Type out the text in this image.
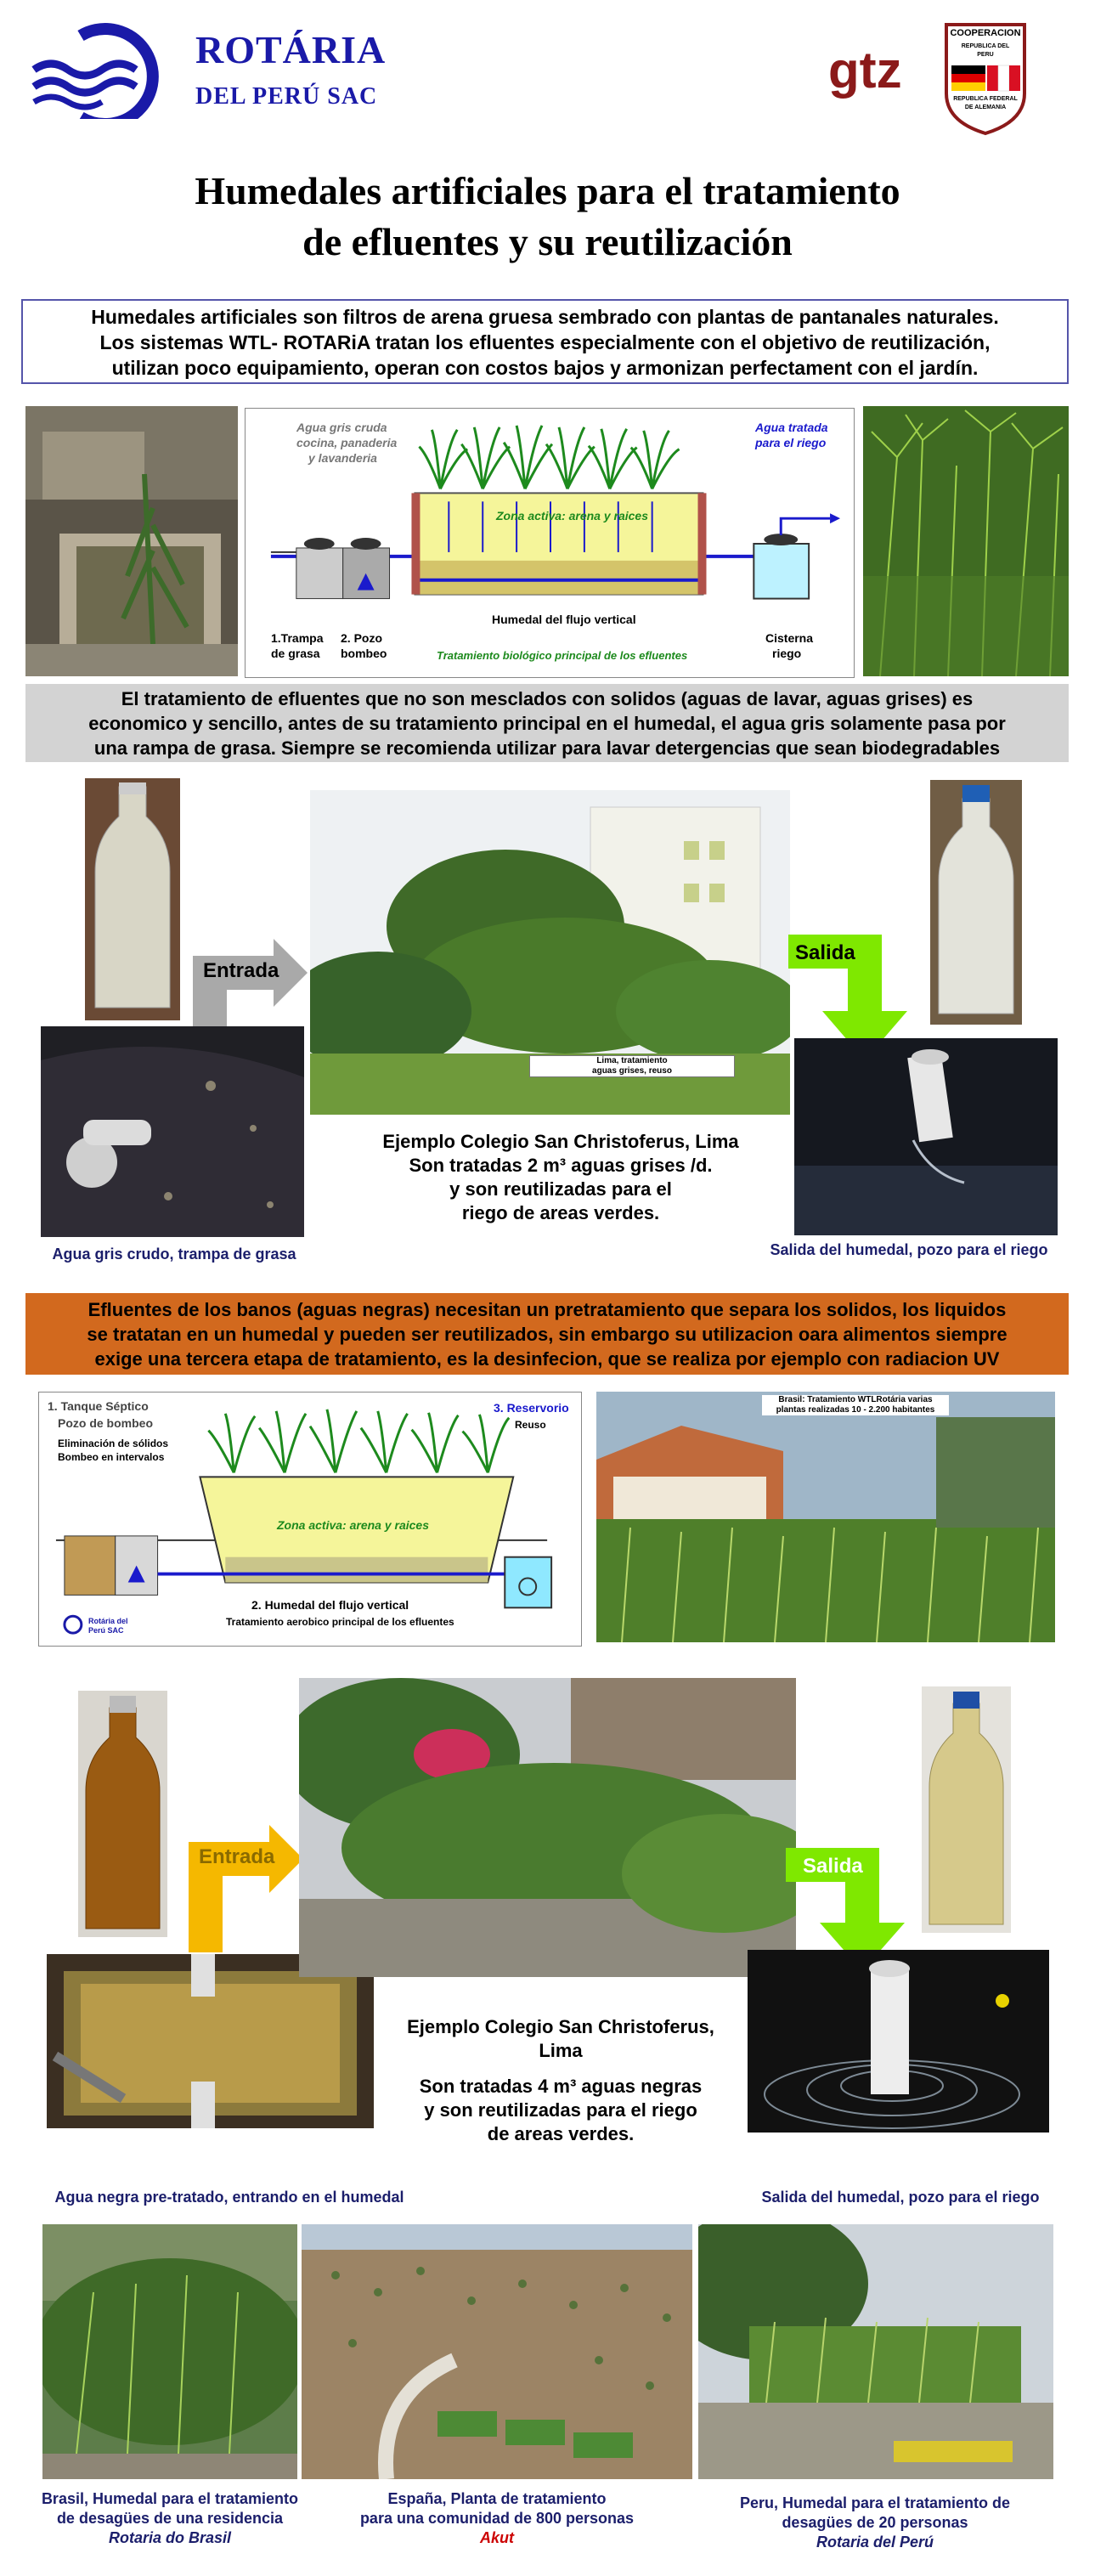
ROTÁRIA
DEL PERÚ SAC	gtz
COOPERACION
REPUBLICA DEL
PERU
REPUBLICA FEDERAL
DE ALEMANIA
Humedales artificiales para el tratamiento
de efluentes y su reutilización
Humedales artificiales son filtros de arena gruesa sembrado con plantas de pantanales naturales.
Los sistemas WTL- ROTARiA tratan los efluentes especialmente con el objetivo de reutilización,
utilizan poco equipamiento, operan con costos bajos y armonizan perfectament con el jardín.
Agua gris cruda
cocina, panaderia
y lavanderia
Agua tratada
para el riego
Zona activa: arena y raices
1.Trampa
de grasa
2. Pozo
bombeo
Humedal del flujo vertical
Tratamiento biológico principal de los efluentes
Cisterna
riego
El tratamiento de efluentes que no son mesclados con solidos (aguas de lavar, aguas grises) es
economico y sencillo, antes de su tratamiento principal en el humedal, el agua gris solamente pasa por
una rampa de grasa. Siempre se recomienda utilizar para lavar detergencias que sean biodegradables
Entrada
Lima, tratamiento
aguas grises, reuso
Ejemplo Colegio San Christoferus, Lima
Son tratadas 2 m³ aguas grises /d.
y son reutilizadas para el
riego de areas verdes.
Salida
Agua gris crudo, trampa de grasa	Salida del humedal, pozo para el riego
Efluentes de los banos (aguas negras) necesitan un pretratamiento que separa los solidos, los liquidos
se tratatan en un humedal y pueden ser reutilizados, sin embargo su utilizacion oara alimentos siempre
exige una tercera etapa de tratamiento, es la desinfecion, que se realiza por ejemplo con radiacion UV
1. Tanque Séptico
Pozo de bombeo
Eliminación de sólidos
Bombeo en intervalos
3. Reservorio
Reuso
Zona activa: arena y raices
2. Humedal del flujo vertical
Tratamiento aerobico principal de los efluentes
Rotária del
Perú SAC
Brasil: Tratamiento WTLRotária varias
plantas realizadas 10 - 2.200 habitantes
Entrada
Ejemplo Colegio San Christoferus,
Lima
Son tratadas 4 m³ aguas negras
y son reutilizadas para el riego
de areas verdes.
Salida
Agua negra pre-tratado, entrando en el humedal	Salida del humedal, pozo para el riego
Brasil, Humedal para el tratamiento
de desagües de una residencia
Rotaria do Brasil
España, Planta de tratamiento
para una comunidad de 800 personas
Akut
Peru, Humedal para el tratamiento de
desagües de 20 personas
Rotaria del Perú
